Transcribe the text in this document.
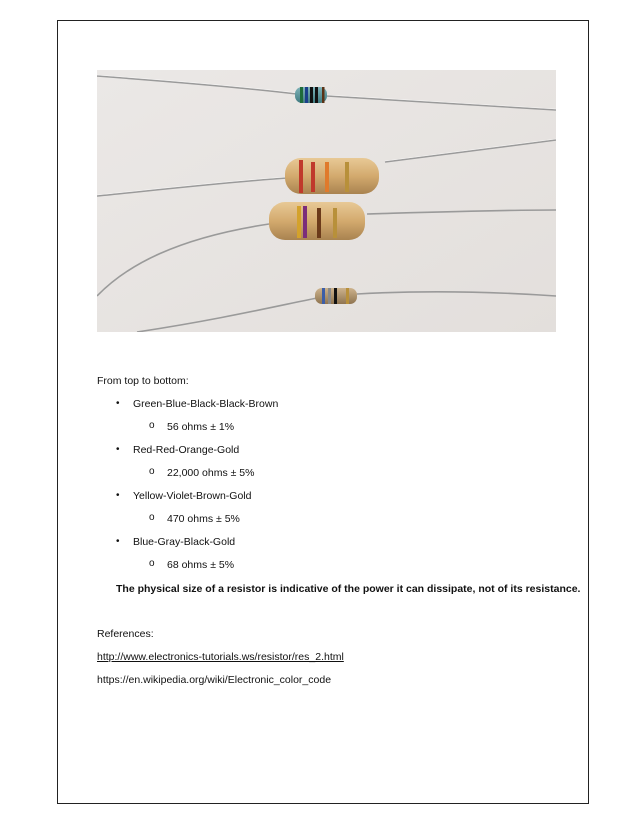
From top to bottom:
• Green-Blue-Black-Black-Brown
o 56 ohms ± 1%
• Red-Red-Orange-Gold
o 22,000 ohms ± 5%
• Yellow-Violet-Brown-Gold
o 470 ohms ± 5%
• Blue-Gray-Black-Gold
o 68 ohms ± 5%
The physical size of a resistor is indicative of the power it can dissipate, not of its resistance.
References:
http://www.electronics-tutorials.ws/resistor/res_2.html
https://en.wikipedia.org/wiki/Electronic_color_code
